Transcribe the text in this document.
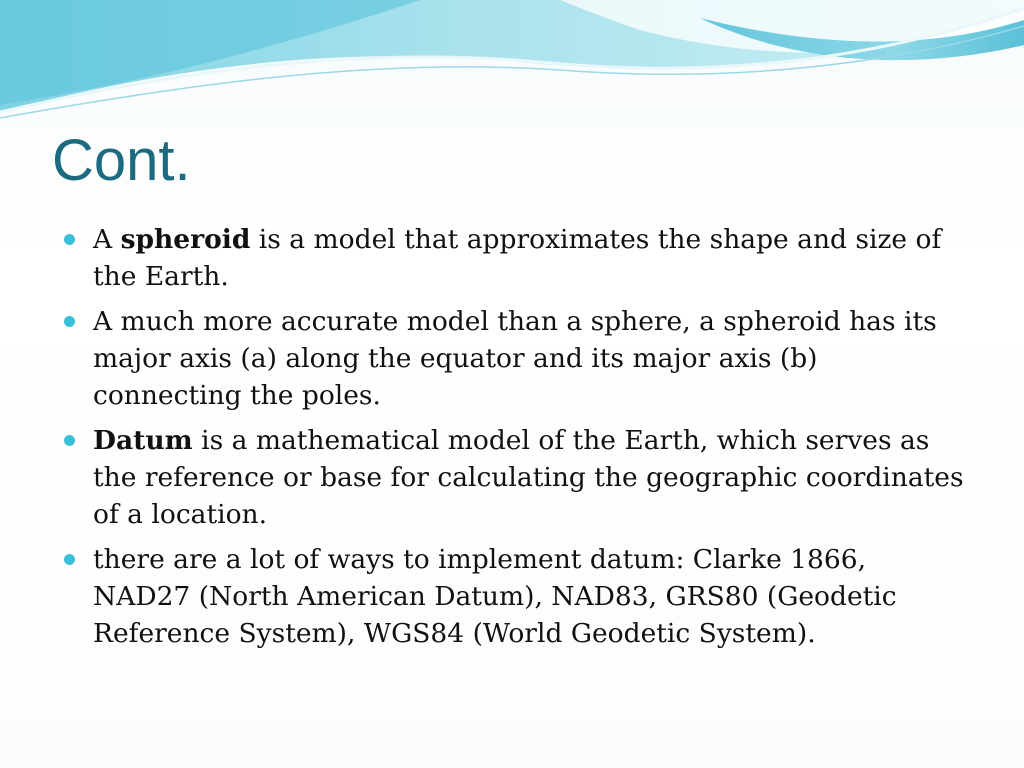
Cont.
A spheroid is a model that approximates the shape and size of the Earth.
A much more accurate model than a sphere, a spheroid has its major axis (a) along the equator and its major axis (b) connecting the poles.
Datum is a mathematical model of the Earth, which serves as the reference or base for calculating the geographic coordinates of a location.
there are a lot of ways to implement datum: Clarke 1866, NAD27 (North American Datum), NAD83, GRS80 (Geodetic Reference System), WGS84 (World Geodetic System).
